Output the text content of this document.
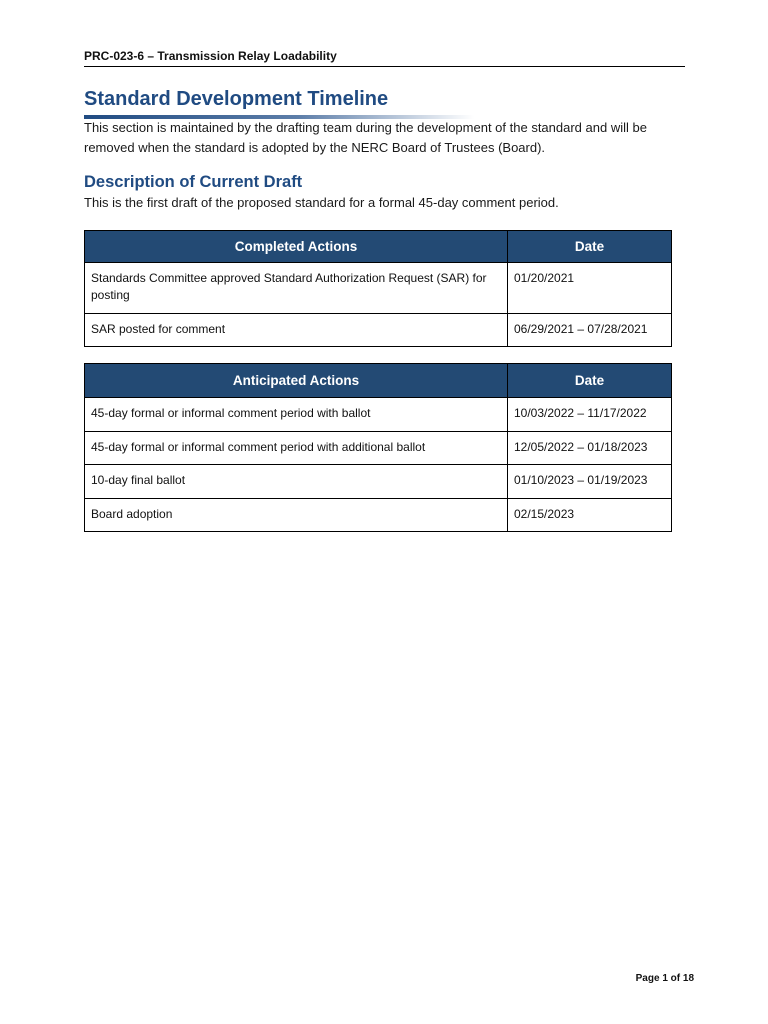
PRC-023-6 – Transmission Relay Loadability
Standard Development Timeline

This section is maintained by the drafting team during the development of the standard and will be removed when the standard is adopted by the NERC Board of Trustees (Board).

Description of Current Draft

This is the first draft of the proposed standard for a formal 45-day comment period.

Completed Actions	Date
Standards Committee approved Standard Authorization Request (SAR) for posting	01/20/2021
SAR posted for comment	06/29/2021 – 07/28/2021
Anticipated Actions	Date
45-day formal or informal comment period with ballot	10/03/2022 – 11/17/2022
45-day formal or informal comment period with additional ballot	12/05/2022 – 01/18/2023
10-day final ballot	01/10/2023 – 01/19/2023
Board adoption	02/15/2023
Page 1 of 18
